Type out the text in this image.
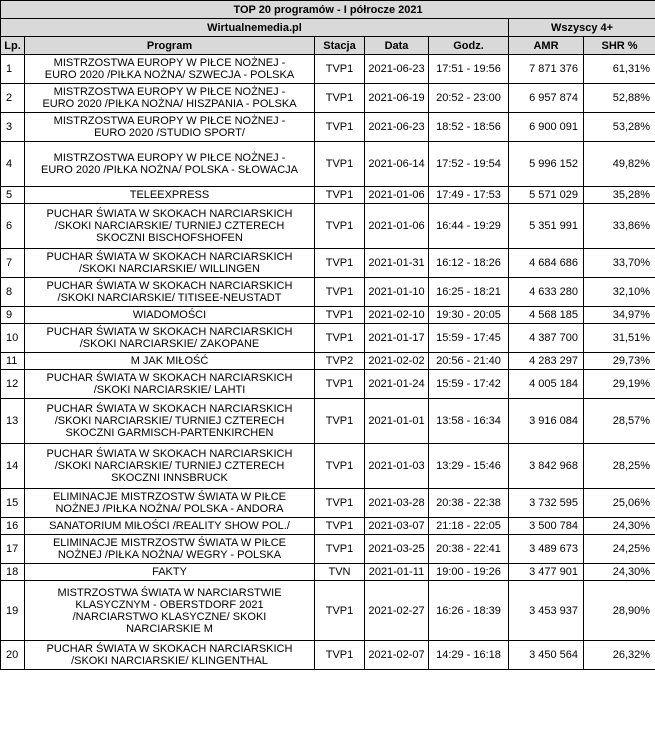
TOP 20 programów - I półrocze 2021						
Wirtualnemedia.pl					Wszyscy 4+	
Lp.	Program	Stacja	Data	Godz.	AMR	SHR %
1	MISTRZOSTWA EUROPY W PIŁCE NOŻNEJ -
EURO 2020 /PIŁKA NOŻNA/ SZWECJA - POLSKA	TVP1	2021-06-23	17:51 - 19:56	7 871 376	61,31%
2	MISTRZOSTWA EUROPY W PIŁCE NOŻNEJ -
EURO 2020 /PIŁKA NOŻNA/ HISZPANIA - POLSKA	TVP1	2021-06-19	20:52 - 23:00	6 957 874	52,88%
3	MISTRZOSTWA EUROPY W PIŁCE NOŻNEJ -
EURO 2020 /STUDIO SPORT/	TVP1	2021-06-23	18:52 - 18:56	6 900 091	53,28%
4	MISTRZOSTWA EUROPY W PIŁCE NOŻNEJ -
EURO 2020 /PIŁKA NOŻNA/ POLSKA - SŁOWACJA	TVP1	2021-06-14	17:52 - 19:54	5 996 152	49,82%
5	TELEEXPRESS	TVP1	2021-01-06	17:49 - 17:53	5 571 029	35,28%
6	PUCHAR ŚWIATA W SKOKACH NARCIARSKICH
/SKOKI NARCIARSKIE/ TURNIEJ CZTERECH
SKOCZNI BISCHOFSHOFEN	TVP1	2021-01-06	16:44 - 19:29	5 351 991	33,86%
7	PUCHAR ŚWIATA W SKOKACH NARCIARSKICH
/SKOKI NARCIARSKIE/ WILLINGEN	TVP1	2021-01-31	16:12 - 18:26	4 684 686	33,70%
8	PUCHAR ŚWIATA W SKOKACH NARCIARSKICH
/SKOKI NARCIARSKIE/ TITISEE-NEUSTADT	TVP1	2021-01-10	16:25 - 18:21	4 633 280	32,10%
9	WIADOMOŚCI	TVP1	2021-02-10	19:30 - 20:05	4 568 185	34,97%
10	PUCHAR ŚWIATA W SKOKACH NARCIARSKICH
/SKOKI NARCIARSKIE/ ZAKOPANE	TVP1	2021-01-17	15:59 - 17:45	4 387 700	31,51%
11	M JAK MIŁOŚĆ	TVP2	2021-02-02	20:56 - 21:40	4 283 297	29,73%
12	PUCHAR ŚWIATA W SKOKACH NARCIARSKICH
/SKOKI NARCIARSKIE/ LAHTI	TVP1	2021-01-24	15:59 - 17:42	4 005 184	29,19%
13	PUCHAR ŚWIATA W SKOKACH NARCIARSKICH
/SKOKI NARCIARSKIE/ TURNIEJ CZTERECH
SKOCZNI GARMISCH-PARTENKIRCHEN	TVP1	2021-01-01	13:58 - 16:34	3 916 084	28,57%
14	PUCHAR ŚWIATA W SKOKACH NARCIARSKICH
/SKOKI NARCIARSKIE/ TURNIEJ CZTERECH
SKOCZNI INNSBRUCK	TVP1	2021-01-03	13:29 - 15:46	3 842 968	28,25%
15	ELIMINACJE MISTRZOSTW ŚWIATA W PIŁCE
NOŻNEJ /PIŁKA NOŻNA/ POLSKA - ANDORA	TVP1	2021-03-28	20:38 - 22:38	3 732 595	25,06%
16	SANATORIUM MIŁOŚCI /REALITY SHOW POL./	TVP1	2021-03-07	21:18 - 22:05	3 500 784	24,30%
17	ELIMINACJE MISTRZOSTW ŚWIATA W PIŁCE
NOŻNEJ /PIŁKA NOŻNA/ WEGRY - POLSKA	TVP1	2021-03-25	20:38 - 22:41	3 489 673	24,25%
18	FAKTY	TVN	2021-01-11	19:00 - 19:26	3 477 901	24,30%
19	MISTRZOSTWA ŚWIATA W NARCIARSTWIE
KLASYCZNYM - OBERSTDORF 2021
/NARCIARSTWO KLASYCZNE/ SKOKI
NARCIARSKIE M	TVP1	2021-02-27	16:26 - 18:39	3 453 937	28,90%
20	PUCHAR ŚWIATA W SKOKACH NARCIARSKICH
/SKOKI NARCIARSKIE/ KLINGENTHAL	TVP1	2021-02-07	14:29 - 16:18	3 450 564	26,32%
